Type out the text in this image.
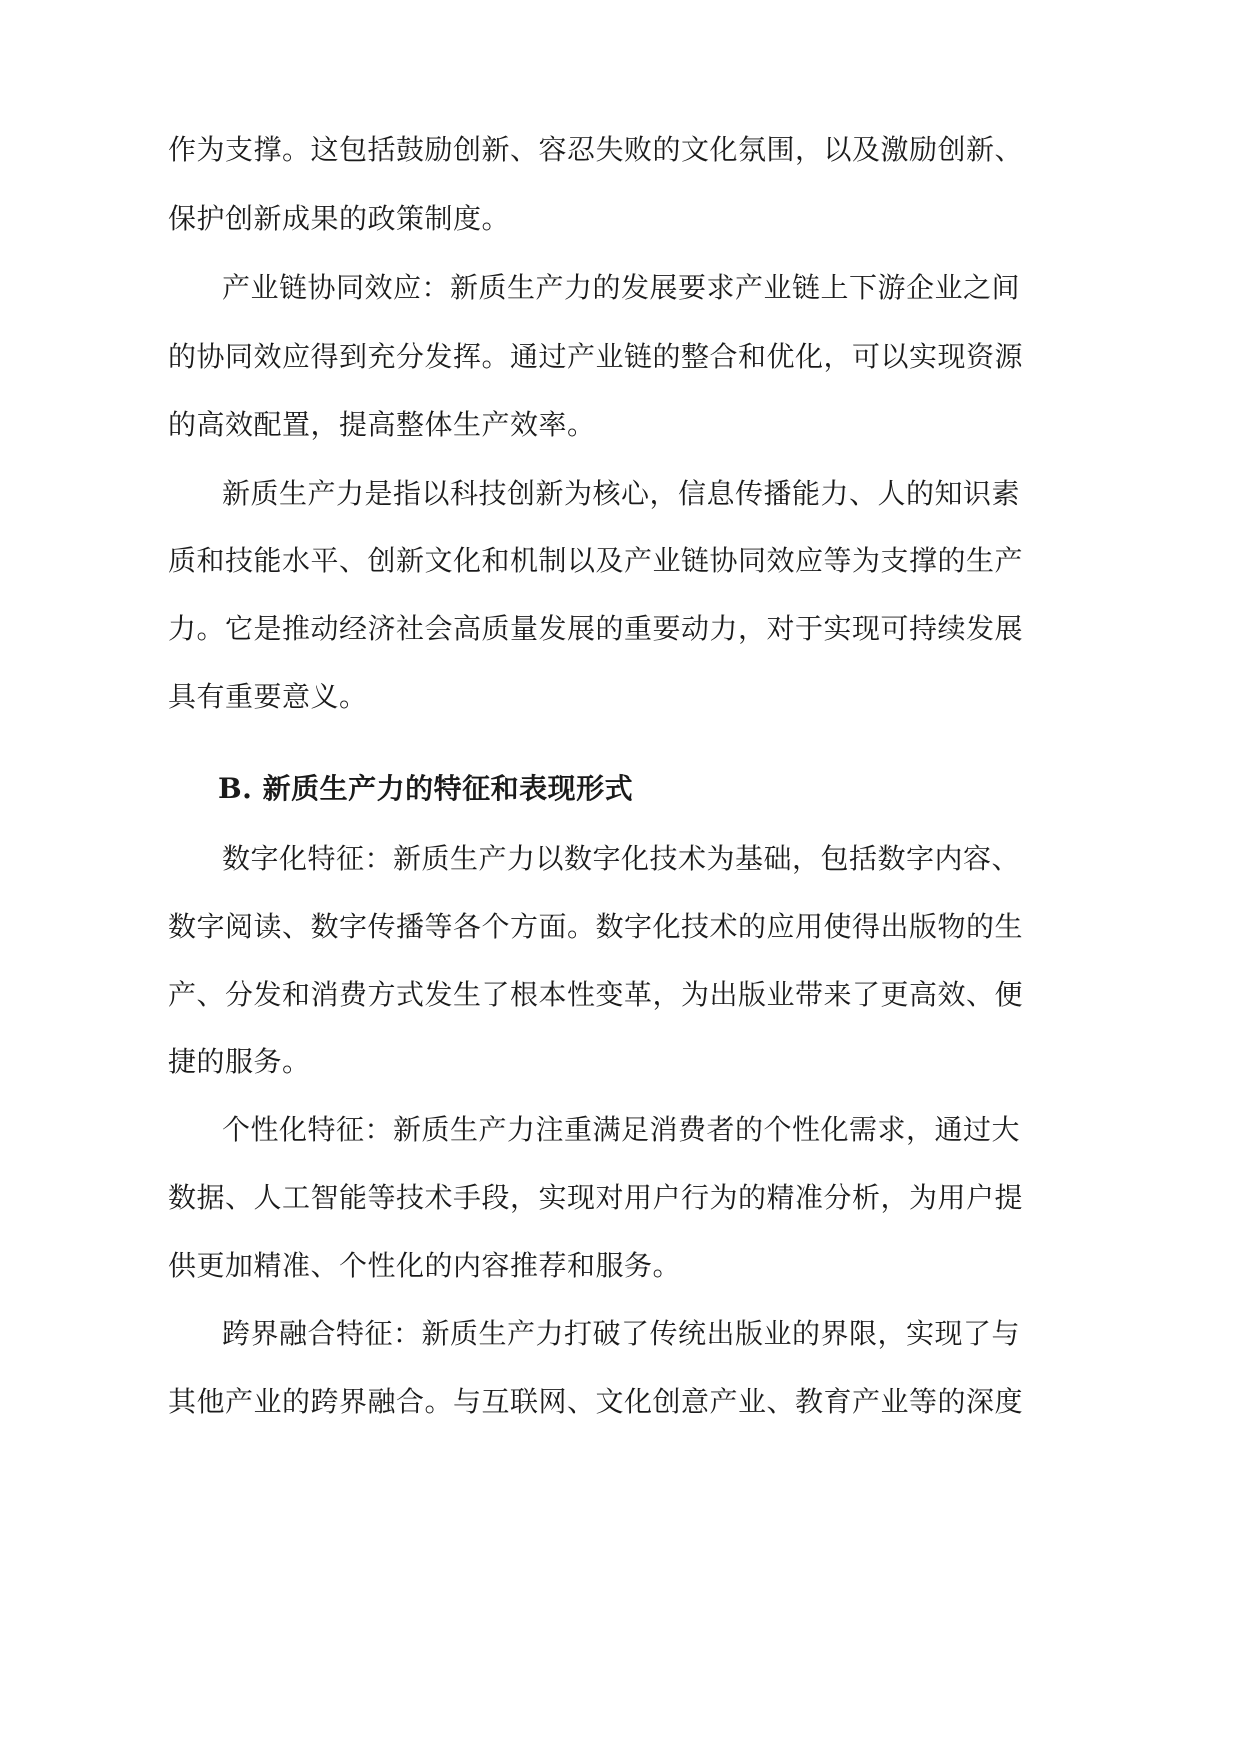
作为支撑。这包括鼓励创新、容忍失败的文化氛围，以及激励创新、
保护创新成果的政策制度。
产业链协同效应：新质生产力的发展要求产业链上下游企业之间
的协同效应得到充分发挥。通过产业链的整合和优化，可以实现资源
的高效配置，提高整体生产效率。
新质生产力是指以科技创新为核心，信息传播能力、人的知识素
质和技能水平、创新文化和机制以及产业链协同效应等为支撑的生产
力。它是推动经济社会高质量发展的重要动力，对于实现可持续发展
具有重要意义。
B. 新质生产力的特征和表现形式
数字化特征：新质生产力以数字化技术为基础，包括数字内容、
数字阅读、数字传播等各个方面。数字化技术的应用使得出版物的生
产、分发和消费方式发生了根本性变革，为出版业带来了更高效、便
捷的服务。
个性化特征：新质生产力注重满足消费者的个性化需求，通过大
数据、人工智能等技术手段，实现对用户行为的精准分析，为用户提
供更加精准、个性化的内容推荐和服务。
跨界融合特征：新质生产力打破了传统出版业的界限，实现了与
其他产业的跨界融合。与互联网、文化创意产业、教育产业等的深度
